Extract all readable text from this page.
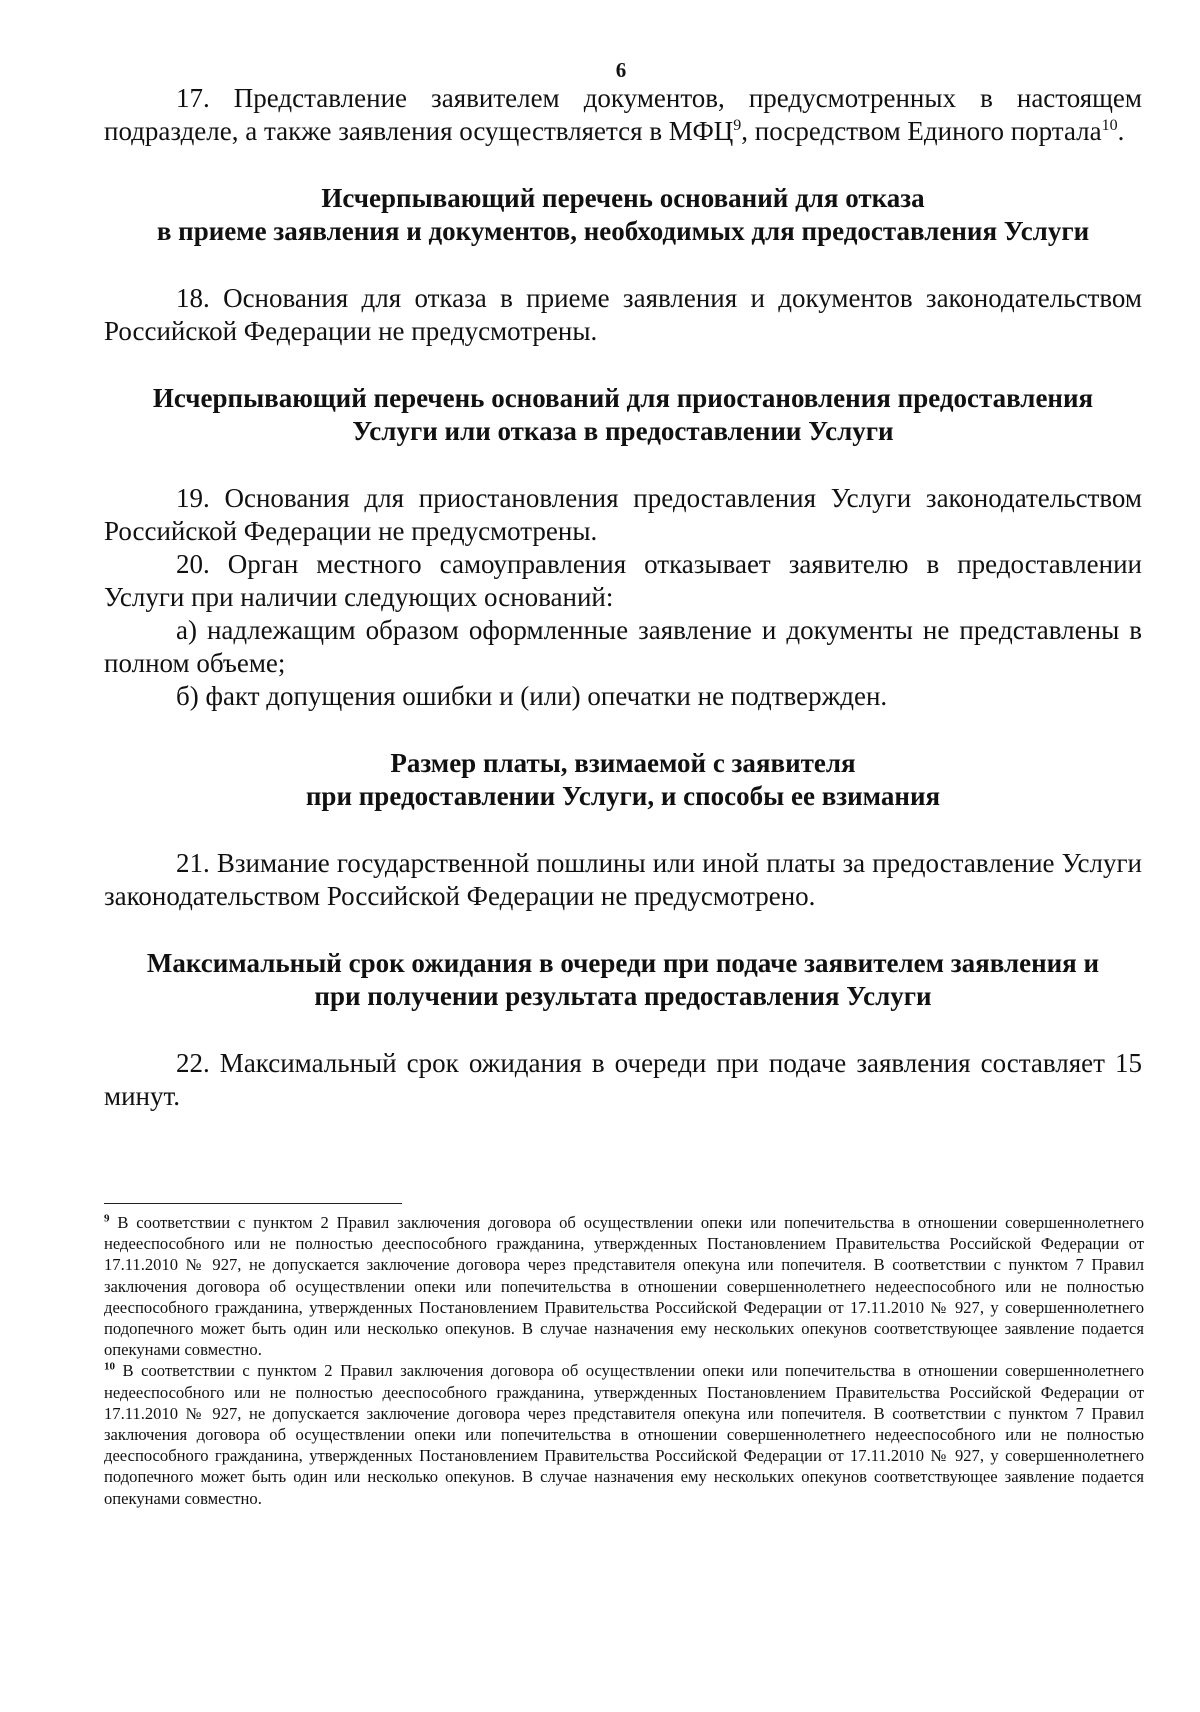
6

17. Представление заявителем документов, предусмотренных в настоящем подразделе, а также заявления осуществляется в МФЦ$^9$, посредством Единого портала$^{10}$.

Исчерпывающий перечень оснований для отказа
в приеме заявления и документов, необходимых для предоставления Услуги

18. Основания для отказа в приеме заявления и документов законодательством Российской Федерации не предусмотрены.

Исчерпывающий перечень оснований для приостановления предоставления
Услуги или отказа в предоставлении Услуги

19. Основания для приостановления предоставления Услуги законодательством Российской Федерации не предусмотрены.

20. Орган местного самоуправления отказывает заявителю в предоставлении Услуги при наличии следующих оснований:

а) надлежащим образом оформленные заявление и документы не представлены в полном объеме;

б) факт допущения ошибки и (или) опечатки не подтвержден.

Размер платы, взимаемой с заявителя
при предоставлении Услуги, и способы ее взимания

21. Взимание государственной пошлины или иной платы за предоставление Услуги законодательством Российской Федерации не предусмотрено.

Максимальный срок ожидания в очереди при подаче заявителем заявления и
при получении результата предоставления Услуги

22. Максимальный срок ожидания в очереди при подаче заявления составляет 15 минут.

$^9$ В соответствии с пунктом 2 Правил заключения договора об осуществлении опеки или попечительства в отношении совершеннолетнего недееспособного или не полностью дееспособного гражданина, утвержденных Постановлением Правительства Российской Федерации от 17.11.2010 № 927, не допускается заключение договора через представителя опекуна или попечителя. В соответствии с пунктом 7 Правил заключения договора об осуществлении опеки или попечительства в отношении совершеннолетнего недееспособного или не полностью дееспособного гражданина, утвержденных Постановлением Правительства Российской Федерации от 17.11.2010 № 927, у совершеннолетнего подопечного может быть один или несколько опекунов. В случае назначения ему нескольких опекунов соответствующее заявление подается опекунами совместно.

$^{10}$ В соответствии с пунктом 2 Правил заключения договора об осуществлении опеки или попечительства в отношении совершеннолетнего недееспособного или не полностью дееспособного гражданина, утвержденных Постановлением Правительства Российской Федерации от 17.11.2010 № 927, не допускается заключение договора через представителя опекуна или попечителя. В соответствии с пунктом 7 Правил заключения договора об осуществлении опеки или попечительства в отношении совершеннолетнего недееспособного или не полностью дееспособного гражданина, утвержденных Постановлением Правительства Российской Федерации от 17.11.2010 № 927, у совершеннолетнего подопечного может быть один или несколько опекунов. В случае назначения ему нескольких опекунов соответствующее заявление подается опекунами совместно.
